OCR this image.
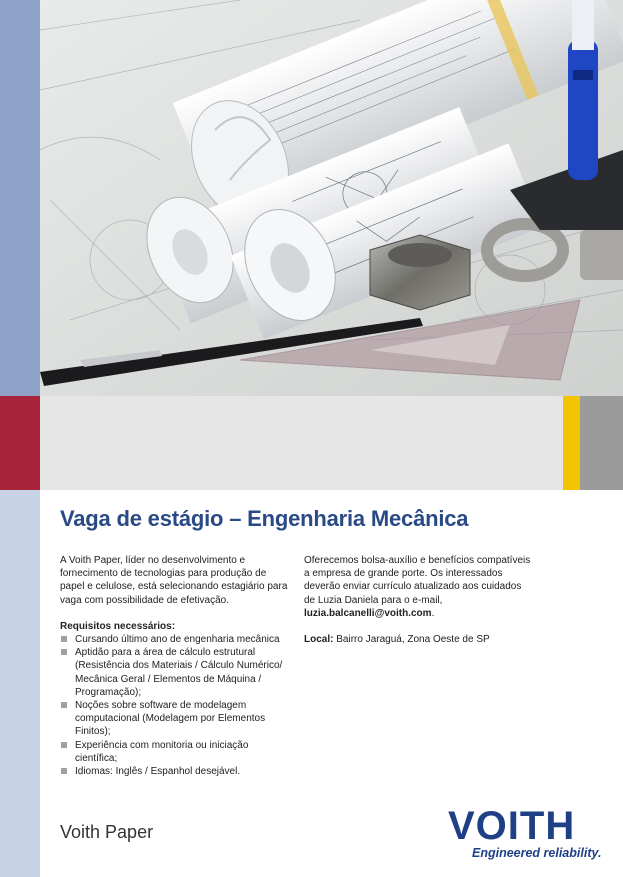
Vaga de estágio – Engenharia Mecânica

A Voith Paper, líder no desenvolvimento e fornecimento de tecnologias para produção de papel e celulose, está selecionando estagiário para vaga com possibilidade de efetivação.

Requisitos necessários:
Cursando último ano de engenharia mecânica
Aptidão para a área de cálculo estrutural (Resistência dos Materiais / Cálculo Numérico/ Mecânica Geral / Elementos de Máquina / Programação);
Noções sobre software de modelagem computacional (Modelagem por Elementos Finitos);
Experiência com monitoria ou iniciação científica;
Idiomas: Inglês / Espanhol desejável.

Oferecemos bolsa-auxílio e benefícios compatíveis a empresa de grande porte. Os interessados deverão enviar currículo atualizado aos cuidados de Luzia Daniela para o e-mail, luzia.balcanelli@voith.com.

Local: Bairro Jaraguá, Zona Oeste de SP

Voith Paper	VOITH
Engineered reliability.
